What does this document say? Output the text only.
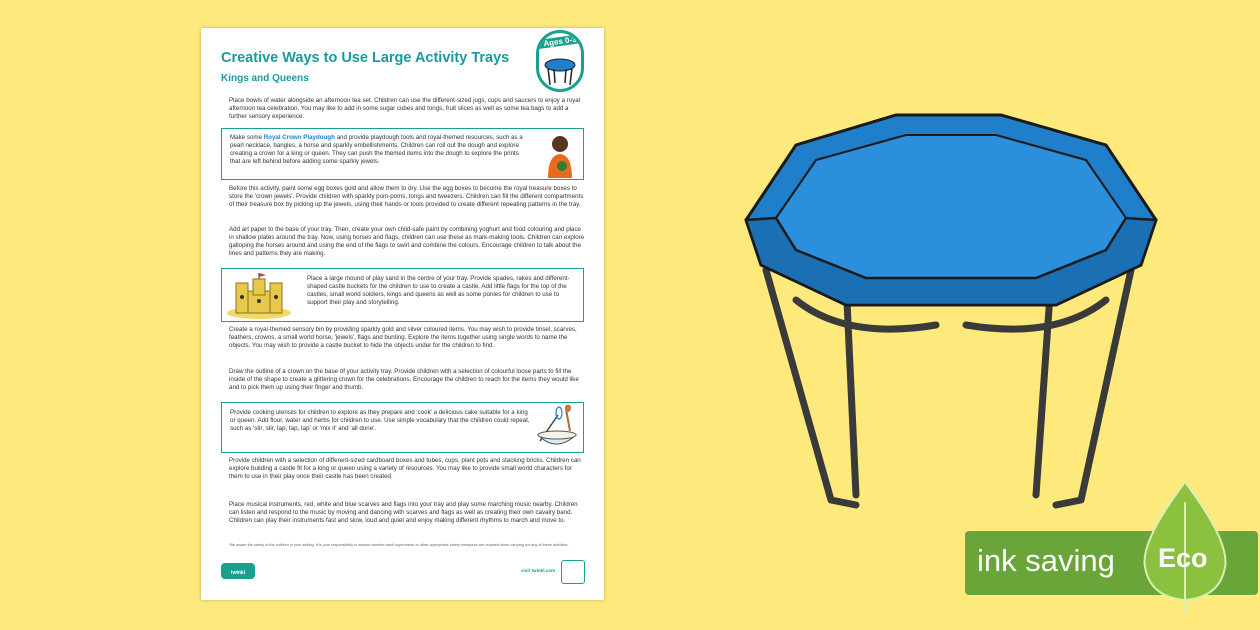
Creative Ways to Use Large Activity Trays
Kings and Queens
Ages 0-3
Place bowls of water alongside an afternoon tea set. Children can use the different-sized jugs, cups and saucers to enjoy a royal afternoon tea celebration. You may like to add in some sugar cubes and tongs, fruit slices as well as some tea bags to add a further sensory experience.
Make some Royal Crown Playdough and provide playdough tools and royal-themed resources, such as a pearl necklace, bangles, a horse and sparkly embellishments. Children can roll out the dough and explore creating a crown for a king or queen. They can push the themed items into the dough to explore the prints that are left behind before adding some sparkly jewels.
Before this activity, paint some egg boxes gold and allow them to dry. Use the egg boxes to become the royal treasure boxes to store the 'crown jewels'. Provide children with sparkly pom-poms, tongs and tweezers. Children can fill the different compartments of their treasure box by picking up the jewels, using their hands or tools provided to create different repeating patterns in the tray.
Add art paper to the base of your tray. Then, create your own child-safe paint by combining yoghurt and food colouring and place in shallow plates around the tray. Now, using horses and flags, children can use these as mark-making tools. Children can explore galloping the horses around and using the end of the flags to swirl and combine the colours. Encourage children to talk about the lines and patterns they are making.
Place a large mound of play sand in the centre of your tray. Provide spades, rakes and different-shaped castle buckets for the children to use to create a castle. Add little flags for the top of the castles, small world soldiers, kings and queens as well as some ponies for children to use to support their play and storytelling.
Create a royal-themed sensory bin by providing sparkly gold and silver coloured items. You may wish to provide tinsel, scarves, feathers, crowns, a small world horse, 'jewels', flags and bunting. Explore the items together using single words to name the objects. You may wish to provide a castle bucket to hide the objects under for the children to find.
Draw the outline of a crown on the base of your activity tray. Provide children with a selection of colourful loose parts to fill the inside of the shape to create a glittering crown for the celebrations. Encourage the children to reach for the items they would like and to pick them up using their finger and thumb.
Provide cooking utensils for children to explore as they prepare and 'cook' a delicious cake suitable for a king or queen. Add flour, water and herbs for children to use. Use simple vocabulary that the children could repeat, such as 'stir, stir, tap, tap, tap' or 'mix it' and 'all done'.
Provide children with a selection of different-sized cardboard boxes and tubes, cups, plant pots and stacking bricks. Children can explore building a castle fit for a king or queen using a variety of resources. You may like to provide small world characters for them to use in their play once their castle has been created.
Place musical instruments, red, white and blue scarves and flags into your tray and play some marching music nearby. Children can listen and respond to the music by moving and dancing with scarves and flags as well as creating their own cavalry band. Children can play their instruments fast and slow, loud and quiet and enjoy making different rhythms to march and move to.
*Be aware the safety of the children in your setting. It is your responsibility to assess whether adult supervision or other appropriate safety measures are required when carrying out any of these activities.
twinkl	visit twinkl.com	ink saving Eco
